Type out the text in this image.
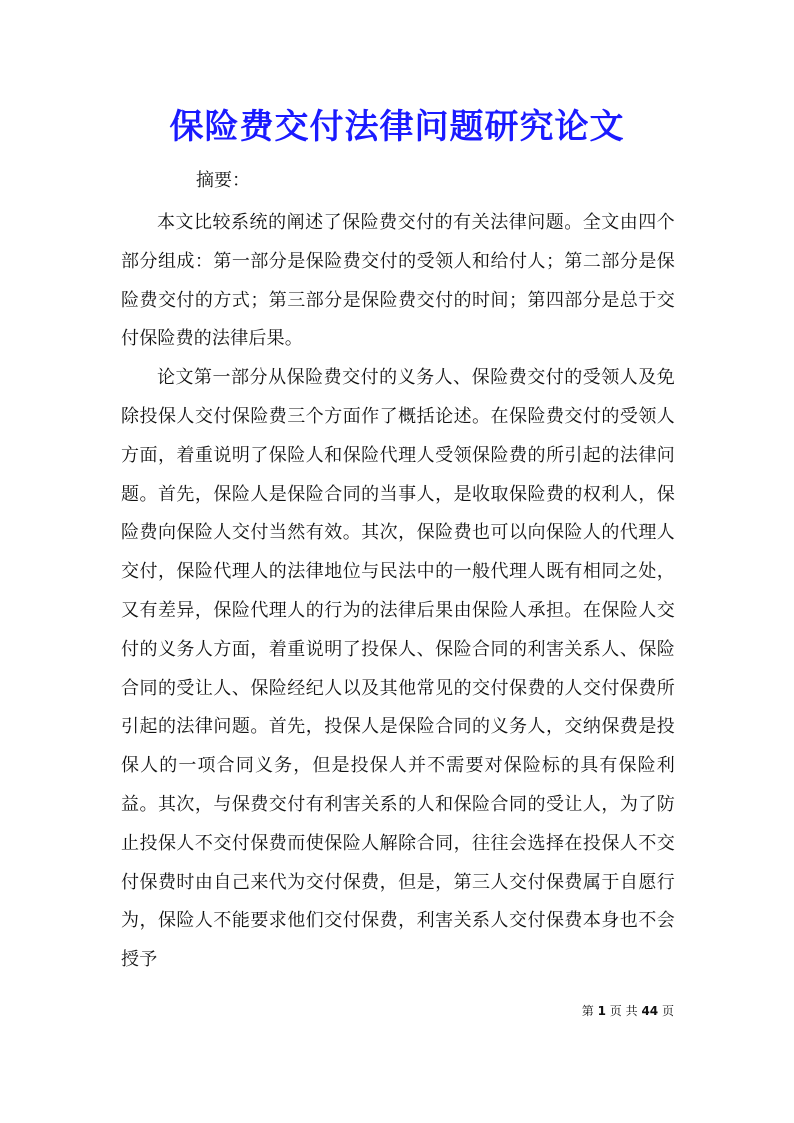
保险费交付法律问题研究论文
摘要：

本文比较系统的阐述了保险费交付的有关法律问题。全文由四个部分组成：第一部分是保险费交付的受领人和给付人；第二部分是保险费交付的方式；第三部分是保险费交付的时间；第四部分是总于交付保险费的法律后果。

论文第一部分从保险费交付的义务人、保险费交付的受领人及免除投保人交付保险费三个方面作了概括论述。在保险费交付的受领人方面，着重说明了保险人和保险代理人受领保险费的所引起的法律问题。首先，保险人是保险合同的当事人，是收取保险费的权利人，保险费向保险人交付当然有效。其次，保险费也可以向保险人的代理人交付，保险代理人的法律地位与民法中的一般代理人既有相同之处，又有差异，保险代理人的行为的法律后果由保险人承担。在保险人交付的义务人方面，着重说明了投保人、保险合同的利害关系人、保险合同的受让人、保险经纪人以及其他常见的交付保费的人交付保费所引起的法律问题。首先，投保人是保险合同的义务人，交纳保费是投保人的一项合同义务，但是投保人并不需要对保险标的具有保险利益。其次，与保费交付有利害关系的人和保险合同的受让人，为了防止投保人不交付保费而使保险人解除合同，往往会选择在投保人不交付保费时由自己来代为交付保费，但是，第三人交付保费属于自愿行为，保险人不能要求他们交付保费，利害关系人交付保费本身也不会授予

第 1 页 共 44 页
